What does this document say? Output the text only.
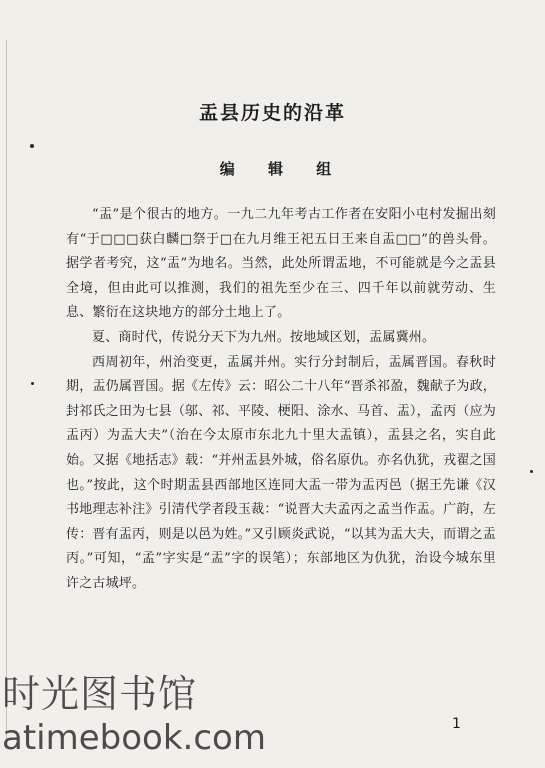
盂县历史的沿革
编 辑 组

“盂”是个很古的地方。一九二九年考古工作者在安阳小屯村发掘出刻有“于□□□获白麟□祭于□在九月维王祀五日王来自盂□□”的兽头骨。据学者考究，这“盂”为地名。当然，此处所谓盂地，不可能就是今之盂县全境，但由此可以推测，我们的祖先至少在三、四千年以前就劳动、生息、繁衍在这块地方的部分土地上了。

夏、商时代，传说分天下为九州。按地域区划，盂属冀州。

西周初年，州治变更，盂属并州。实行分封制后，盂属晋国。春秋时期，盂仍属晋国。据《左传》云：昭公二十八年“晋杀祁盈，魏献子为政，封祁氏之田为七县（邬、祁、平陵、梗阳、涂水、马首、盂），孟丙（应为盂丙）为盂大夫”（治在今太原市东北九十里大盂镇），盂县之名，实自此始。又据《地括志》载：“并州盂县外城，俗名原仇。亦名仇犹，戎翟之国也。”按此，这个时期盂县西部地区连同大盂一带为盂丙邑（据王先谦《汉书地理志补注》引清代学者段玉裁：“说晋大夫孟丙之孟当作盂。广韵，左传：晋有盂丙，则是以邑为姓。”又引顾炎武说，“以其为盂大夫，而谓之盂丙。”可知，“孟”字实是“盂”字的误笔）；东部地区为仇犹，治设今城东里许之古城坪。

1
时光图书馆
atimebook.com
